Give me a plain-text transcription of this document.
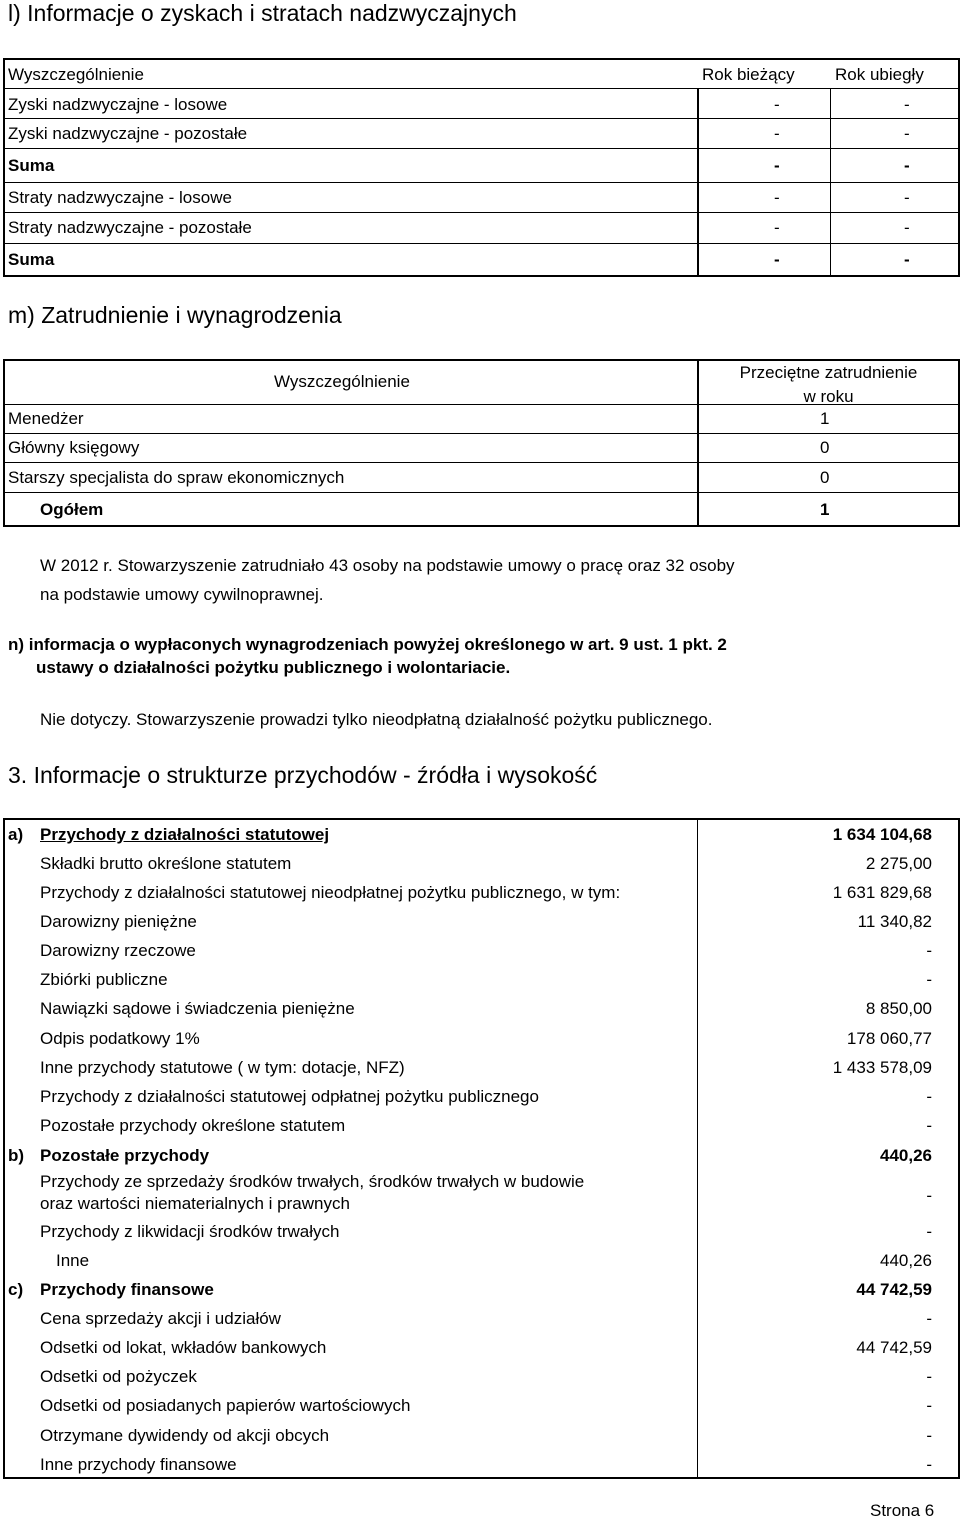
l) Informacje o zyskach i stratach nadzwyczajnych
Wyszczególnienie	Rok bieżący Rok ubiegły
Zyski nadzwyczajne - losowe	-	-
Zyski nadzwyczajne - pozostałe	-	-
Suma	-	-
Straty nadzwyczajne - losowe	-	-
Straty nadzwyczajne - pozostałe	-	-
Suma	-	-
m) Zatrudnienie i wynagrodzenia
Wyszczególnienie	Przeciętne zatrudnienie
w roku
Menedżer	1
Główny księgowy	0
Starszy specjalista do spraw ekonomicznych	0
Ogółem	1
W 2012 r. Stowarzyszenie zatrudniało 43 osoby na podstawie umowy o pracę oraz 32 osoby
na podstawie umowy cywilnoprawnej.
n) informacja o wypłaconych wynagrodzeniach powyżej określonego w art. 9 ust. 1 pkt. 2
ustawy o działalności pożytku publicznego i wolontariacie.
Nie dotyczy. Stowarzyszenie prowadzi tylko nieodpłatną działalność pożytku publicznego.
3. Informacje o strukturze przychodów - źródła i wysokość
a) Przychody z działalności statutowej	1 634 104,68
Składki brutto określone statutem	2 275,00
Przychody z działalności statutowej nieodpłatnej pożytku publicznego, w tym:	1 631 829,68
Darowizny pieniężne	11 340,82
Darowizny rzeczowe	-
Zbiórki publiczne	-
Nawiązki sądowe i świadczenia pieniężne	8 850,00
Odpis podatkowy 1%	178 060,77
Inne przychody statutowe ( w tym: dotacje, NFZ)	1 433 578,09
Przychody z działalności statutowej odpłatnej pożytku publicznego	-
Pozostałe przychody określone statutem	-
b) Pozostałe przychody	440,26
Przychody ze sprzedaży środków trwałych, środków trwałych w budowie
oraz wartości niematerialnych i prawnych	-
Przychody z likwidacji środków trwałych	-
Inne	440,26
c) Przychody finansowe	44 742,59
Cena sprzedaży akcji i udziałów	-
Odsetki od lokat, wkładów bankowych	44 742,59
Odsetki od pożyczek	-
Odsetki od posiadanych papierów wartościowych	-
Otrzymane dywidendy od akcji obcych	-
Inne przychody finansowe	-
Strona 6
